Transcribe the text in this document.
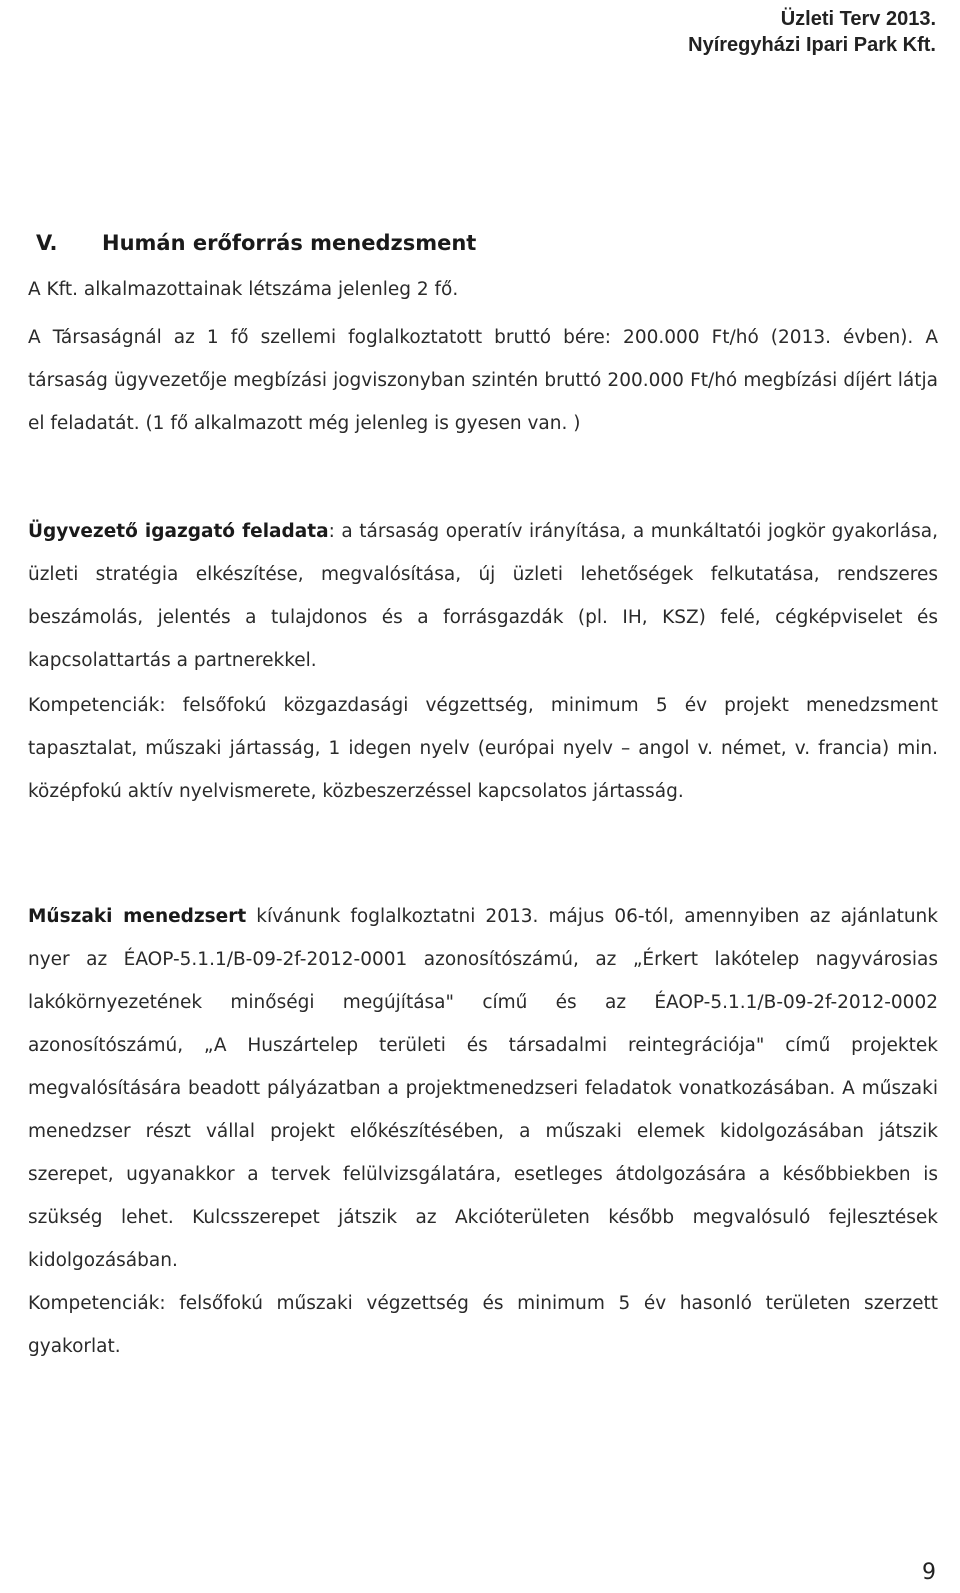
Üzleti Terv 2013.
Nyíregyházi Ipari Park Kft.
V. Humán erőforrás menedzsment

A Kft. alkalmazottainak létszáma jelenleg 2 fő.

A Társaságnál az 1 fő szellemi foglalkoztatott bruttó bére: 200.000 Ft/hó (2013. évben). A társaság ügyvezetője megbízási jogviszonyban szintén bruttó 200.000 Ft/hó megbízási díjért látja el feladatát. (1 fő alkalmazott még jelenleg is gyesen van. )

Ügyvezető igazgató feladata: a társaság operatív irányítása, a munkáltatói jogkör gyakorlása, üzleti stratégia elkészítése, megvalósítása, új üzleti lehetőségek felkutatása, rendszeres beszámolás, jelentés a tulajdonos és a forrásgazdák (pl. IH, KSZ) felé, cégképviselet és kapcsolattartás a partnerekkel.

Kompetenciák: felsőfokú közgazdasági végzettség, minimum 5 év projekt menedzsment tapasztalat, műszaki jártasság, 1 idegen nyelv (európai nyelv – angol v. német, v. francia) min. középfokú aktív nyelvismerete, közbeszerzéssel kapcsolatos jártasság.

Műszaki menedzsert kívánunk foglalkoztatni 2013. május 06-tól, amennyiben az ajánlatunk nyer az ÉAOP-5.1.1/B-09-2f-2012-0001 azonosítószámú, az „Érkert lakótelep nagyvárosias lakókörnyezetének minőségi megújítása" című és az ÉAOP-5.1.1/B-09-2f-2012-0002 azonosítószámú, „A Huszártelep területi és társadalmi reintegrációja" című projektek megvalósítására beadott pályázatban a projektmenedzseri feladatok vonatkozásában. A műszaki menedzser részt vállal projekt előkészítésében, a műszaki elemek kidolgozásában játszik szerepet, ugyanakkor a tervek felülvizsgálatára, esetleges átdolgozására a későbbiekben is szükség lehet. Kulcsszerepet játszik az Akcióterületen később megvalósuló fejlesztések kidolgozásában.

Kompetenciák: felsőfokú műszaki végzettség és minimum 5 év hasonló területen szerzett gyakorlat.

9
